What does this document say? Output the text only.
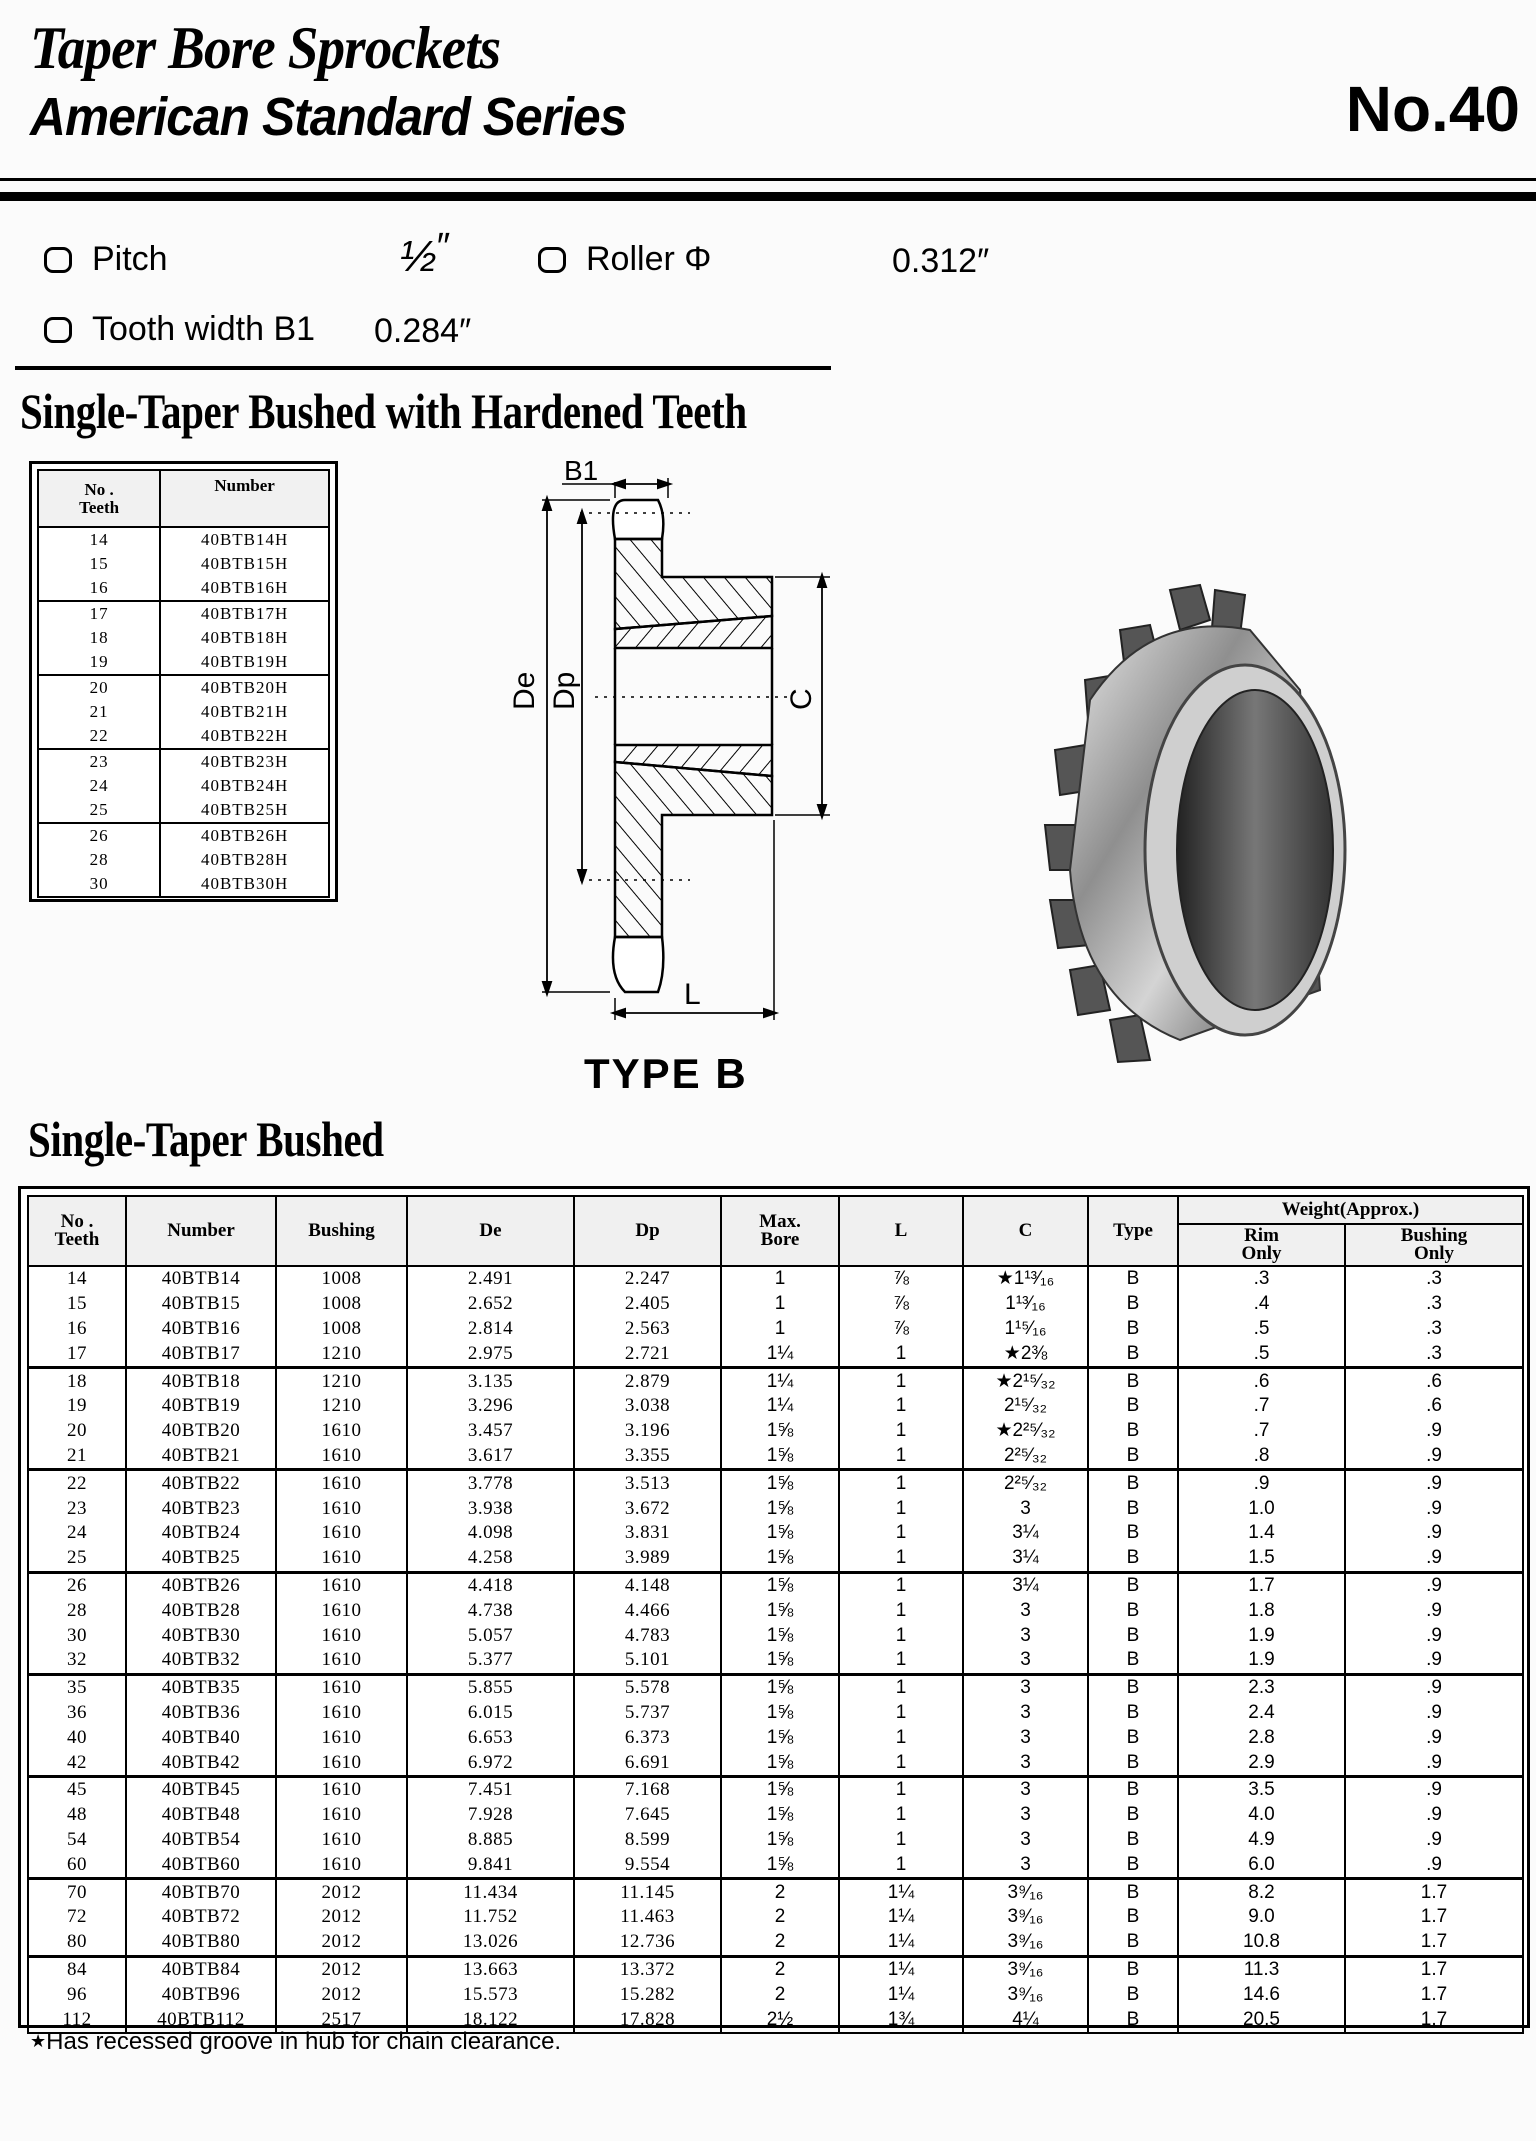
Taper Bore Sprockets
American Standard Series	No.40
Pitch	½″	Roller Φ	0.312″
Tooth width B1 0.284″
Single-Taper Bushed with Hardened Teeth
No .
Teeth	Number
14	40BTB14H
15	40BTB15H
16	40BTB16H
17	40BTB17H
18	40BTB18H
19	40BTB19H
20	40BTB20H
21	40BTB21H
22	40BTB22H
23	40BTB23H
24	40BTB24H
25	40BTB25H
26	40BTB26H
28	40BTB28H
30	40BTB30H
De Dp	C
B1
L
TYPE B
Single-Taper Bushed
No .
Teeth	Number	Bushing	De	Dp	Max.
Bore	L	C	Type	Weight(Approx.)

Rim
Only

Bushing
Only

14	40BTB14	1008	2.491	2.247	1	⅞	★1¹³⁄₁₆	B	.3	.3
15	40BTB15	1008	2.652	2.405	1	⅞	1¹³⁄₁₆	B	.4	.3
16	40BTB16	1008	2.814	2.563	1	⅞	1¹⁵⁄₁₆	B	.5	.3
17	40BTB17	1210	2.975	2.721	1¼	1	★2⅜	B	.5	.3
18	40BTB18	1210	3.135	2.879	1¼	1	★2¹⁵⁄₃₂	B	.6	.6
19	40BTB19	1210	3.296	3.038	1¼	1	2¹⁵⁄₃₂	B	.7	.6
20	40BTB20	1610	3.457	3.196	1⅝	1	★2²⁵⁄₃₂	B	.7	.9
21	40BTB21	1610	3.617	3.355	1⅝	1	2²⁵⁄₃₂	B	.8	.9
22	40BTB22	1610	3.778	3.513	1⅝	1	2²⁵⁄₃₂	B	.9	.9
23	40BTB23	1610	3.938	3.672	1⅝	1	3	B	1.0	.9
24	40BTB24	1610	4.098	3.831	1⅝	1	3¼	B	1.4	.9
25	40BTB25	1610	4.258	3.989	1⅝	1	3¼	B	1.5	.9
26	40BTB26	1610	4.418	4.148	1⅝	1	3¼	B	1.7	.9
28	40BTB28	1610	4.738	4.466	1⅝	1	3	B	1.8	.9
30	40BTB30	1610	5.057	4.783	1⅝	1	3	B	1.9	.9
32	40BTB32	1610	5.377	5.101	1⅝	1	3	B	1.9	.9
35	40BTB35	1610	5.855	5.578	1⅝	1	3	B	2.3	.9
36	40BTB36	1610	6.015	5.737	1⅝	1	3	B	2.4	.9
40	40BTB40	1610	6.653	6.373	1⅝	1	3	B	2.8	.9
42	40BTB42	1610	6.972	6.691	1⅝	1	3	B	2.9	.9
45	40BTB45	1610	7.451	7.168	1⅝	1	3	B	3.5	.9
48	40BTB48	1610	7.928	7.645	1⅝	1	3	B	4.0	.9
54	40BTB54	1610	8.885	8.599	1⅝	1	3	B	4.9	.9
60	40BTB60	1610	9.841	9.554	1⅝	1	3	B	6.0	.9
70	40BTB70	2012	11.434	11.145	2	1¼	3⁹⁄₁₆	B	8.2	1.7
72	40BTB72	2012	11.752	11.463	2	1¼	3⁹⁄₁₆	B	9.0	1.7
80	40BTB80	2012	13.026	12.736	2	1¼	3⁹⁄₁₆	B	10.8	1.7
84	40BTB84	2012	13.663	13.372	2	1¼	3⁹⁄₁₆	B	11.3	1.7
96	40BTB96	2012	15.573	15.282	2	1¼	3⁹⁄₁₆	B	14.6	1.7
112	40BTB112	2517	18.122	17.828	2½	1¾	4¼	B	20.5	1.7
★Has recessed groove in hub for chain clearance.
